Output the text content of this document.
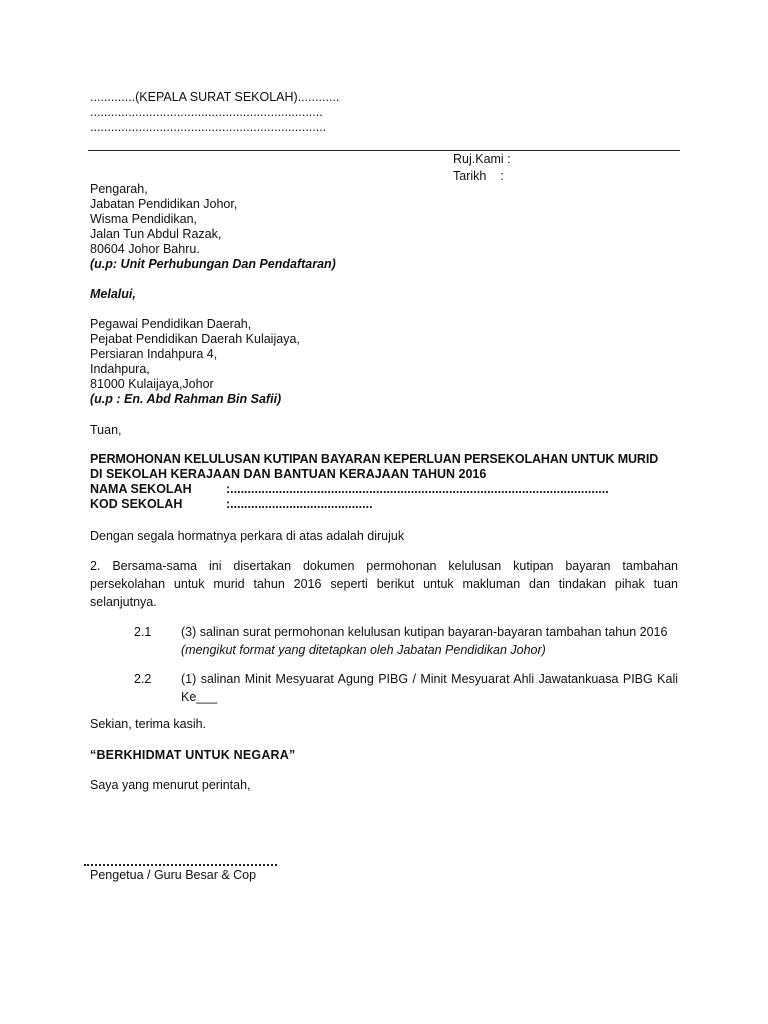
.............(KEPALA SURAT SEKOLAH)............
...................................................................
....................................................................
Ruj.Kami :
Tarikh    :
Pengarah,
Jabatan Pendidikan Johor,
Wisma Pendidikan,
Jalan Tun Abdul Razak,
80604 Johor Bahru.
(u.p: Unit Perhubungan Dan Pendaftaran)
Melalui,
Pegawai Pendidikan Daerah,
Pejabat Pendidikan Daerah Kulaijaya,
Persiaran Indahpura 4,
Indahpura,
81000 Kulaijaya,Johor
(u.p : En. Abd Rahman Bin Safii)
Tuan,
PERMOHONAN KELULUSAN KUTIPAN BAYARAN KEPERLUAN PERSEKOLAHAN UNTUK MURID
DI SEKOLAH KERAJAAN DAN BANTUAN KERAJAAN TAHUN 2016
NAMA SEKOLAH	:.............................................................................................................
KOD SEKOLAH	:.........................................
Dengan segala hormatnya perkara di atas adalah dirujuk
2. Bersama-sama ini disertakan dokumen permohonan kelulusan kutipan bayaran tambahan persekolahan untuk murid tahun 2016 seperti berikut untuk makluman dan tindakan pihak tuan selanjutnya.
2.1 (3) salinan surat permohonan kelulusan kutipan bayaran-bayaran tambahan tahun 2016
(mengikut format yang ditetapkan oleh Jabatan Pendidikan Johor)
2.2 (1) salinan Minit Mesyuarat Agung PIBG / Minit Mesyuarat Ahli Jawatankuasa PIBG Kali Ke___
Sekian, terima kasih.
“BERKHIDMAT UNTUK NEGARA”
Saya yang menurut perintah,
Pengetua / Guru Besar & Cop
